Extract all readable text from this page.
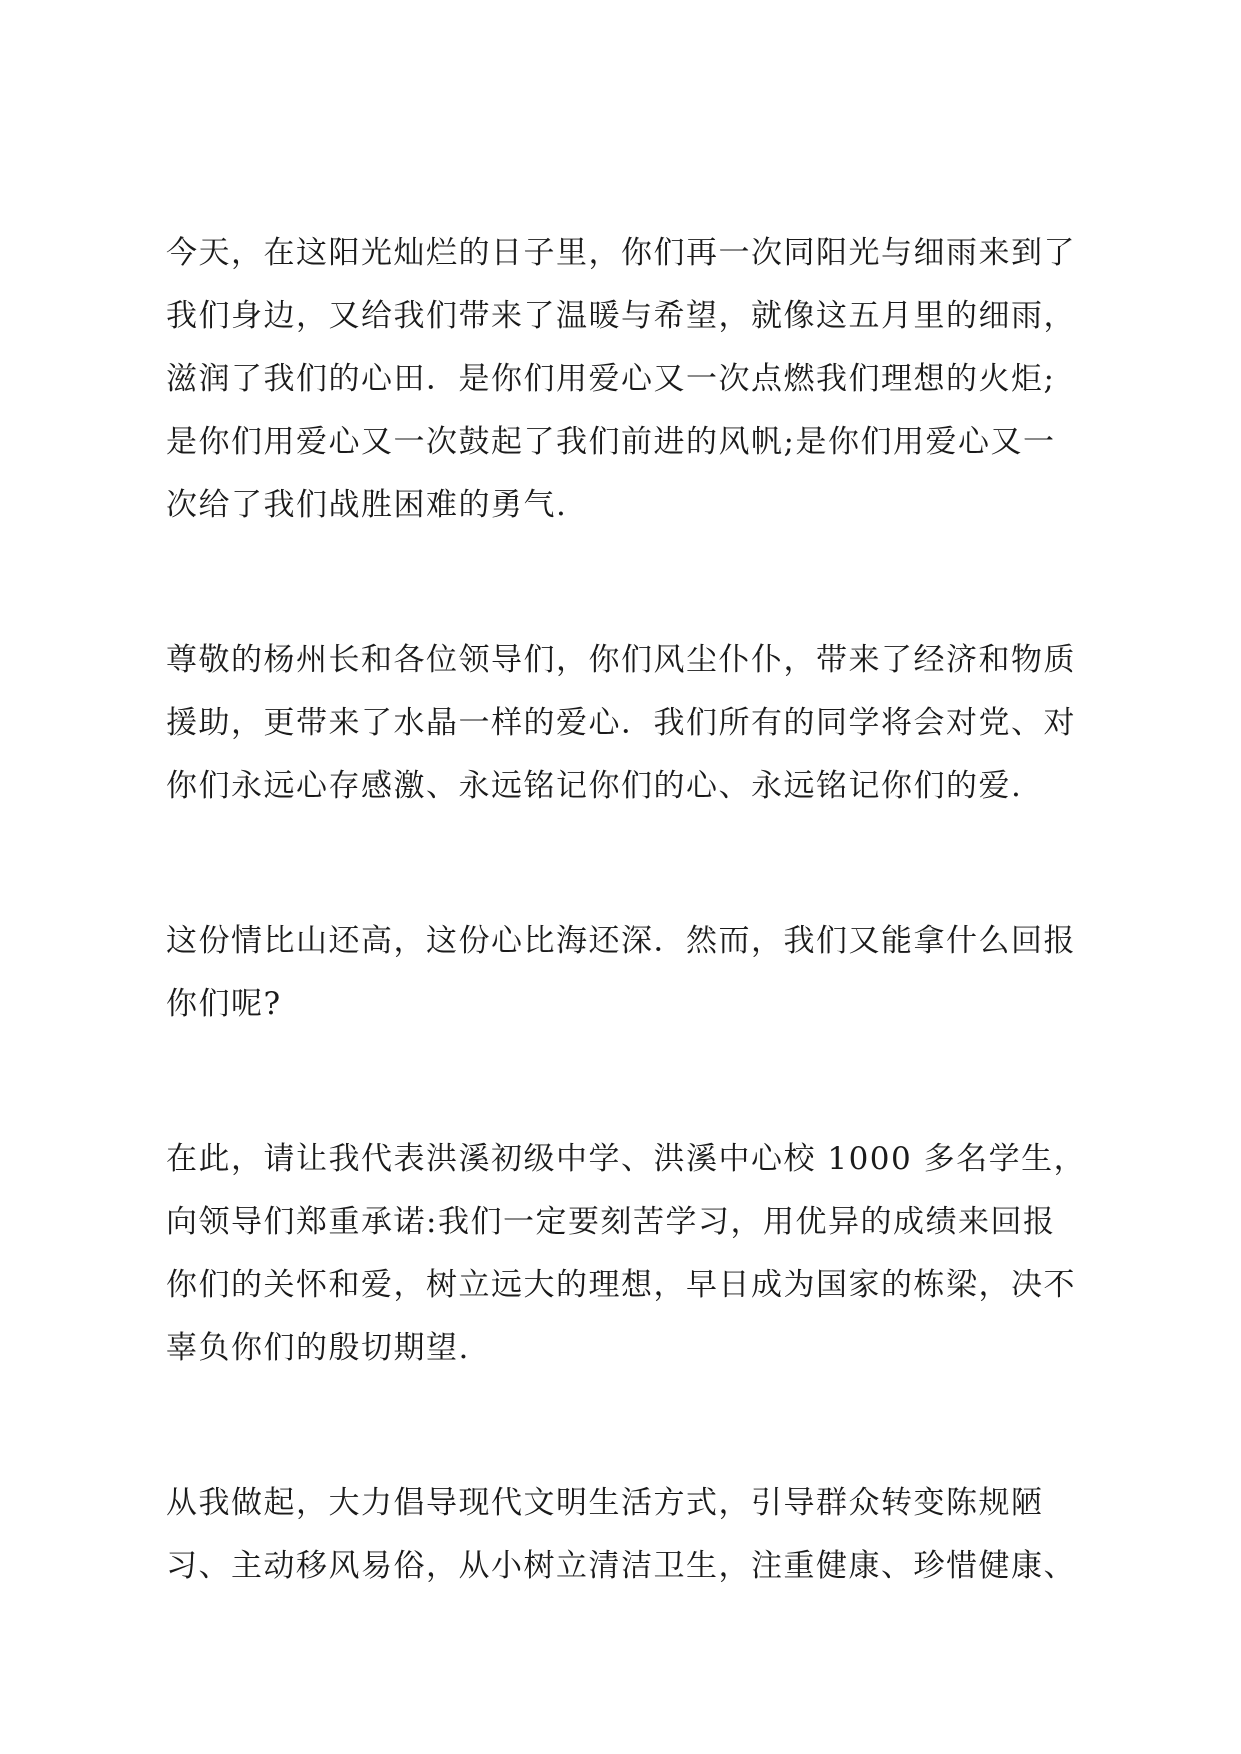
今天，在这阳光灿烂的日子里，你们再一次同阳光与细雨来到了
我们身边，又给我们带来了温暖与希望，就像这五月里的细雨，
滋润了我们的心田．是你们用爱心又一次点燃我们理想的火炬;
是你们用爱心又一次鼓起了我们前进的风帆;是你们用爱心又一
次给了我们战胜困难的勇气.
尊敬的杨州长和各位领导们，你们风尘仆仆，带来了经济和物质
援助，更带来了水晶一样的爱心．我们所有的同学将会对党、对
你们永远心存感激、永远铭记你们的心、永远铭记你们的爱.
这份情比山还高，这份心比海还深．然而，我们又能拿什么回报
你们呢?
在此，请让我代表洪溪初级中学、洪溪中心校 1000 多名学生，
向领导们郑重承诺:我们一定要刻苦学习，用优异的成绩来回报
你们的关怀和爱，树立远大的理想，早日成为国家的栋梁，决不
辜负你们的殷切期望.
从我做起，大力倡导现代文明生活方式，引导群众转变陈规陋
习、主动移风易俗，从小树立清洁卫生，注重健康、珍惜健康、
